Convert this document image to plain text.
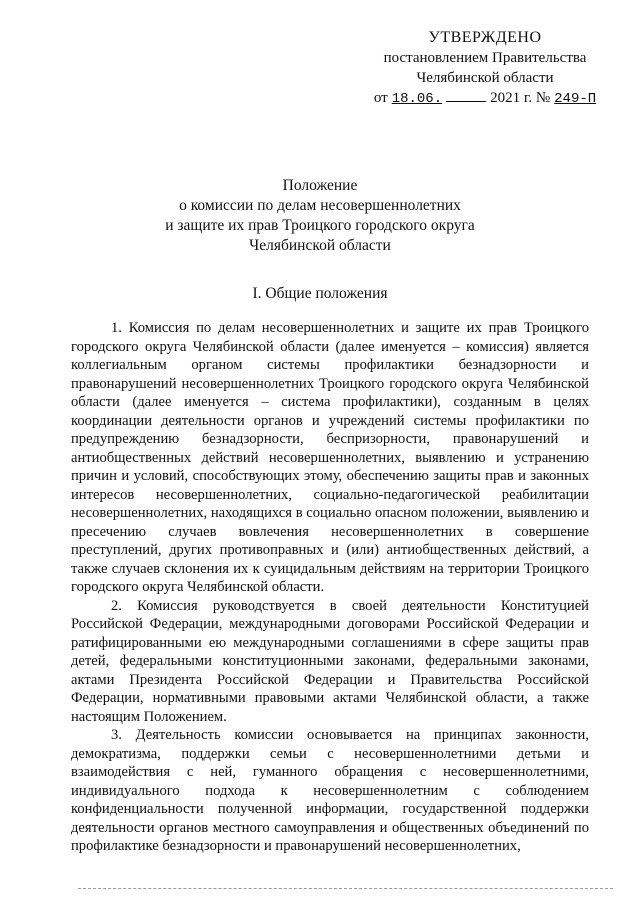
УТВЕРЖДЕНО
постановлением Правительства
Челябинской области
от 18.06.	2021 г. № 249-П
Положение
о комиссии по делам несовершеннолетних
и защите их прав Троицкого городского округа
Челябинской области
I. Общие положения

1. Комиссия по делам несовершеннолетних и защите их прав Троицкого городского округа Челябинской области (далее именуется – комиссия) является коллегиальным органом системы профилактики безнадзорности и правонарушений несовершеннолетних Троицкого городского округа Челябинской области (далее именуется – система профилактики), созданным в целях координации деятельности органов и учреждений системы профилактики по предупреждению безнадзорности, беспризорности, правонарушений и антиобщественных действий несовершеннолетних, выявлению и устранению причин и условий, способствующих этому, обеспечению защиты прав и законных интересов несовершеннолетних, социально-педагогической реабилитации несовершеннолетних, находящихся в социально опасном положении, выявлению и пресечению случаев вовлечения несовершеннолетних в совершение преступлений, других противоправных и (или) антиобщественных действий, а также случаев склонения их к суицидальным действиям на территории Троицкого городского округа Челябинской области.

2. Комиссия руководствуется в своей деятельности Конституцией Российской Федерации, международными договорами Российской Федерации и ратифицированными ею международными соглашениями в сфере защиты прав детей, федеральными конституционными законами, федеральными законами, актами Президента Российской Федерации и Правительства Российской Федерации, нормативными правовыми актами Челябинской области, а также настоящим Положением.

3. Деятельность комиссии основывается на принципах законности, демократизма, поддержки семьи с несовершеннолетними детьми и взаимодействия с ней, гуманного обращения с несовершеннолетними, индивидуального подхода к несовершеннолетним с соблюдением конфиденциальности полученной информации, государственной поддержки деятельности органов местного самоуправления и общественных объединений по профилактике безнадзорности и правонарушений несовершеннолетних,
